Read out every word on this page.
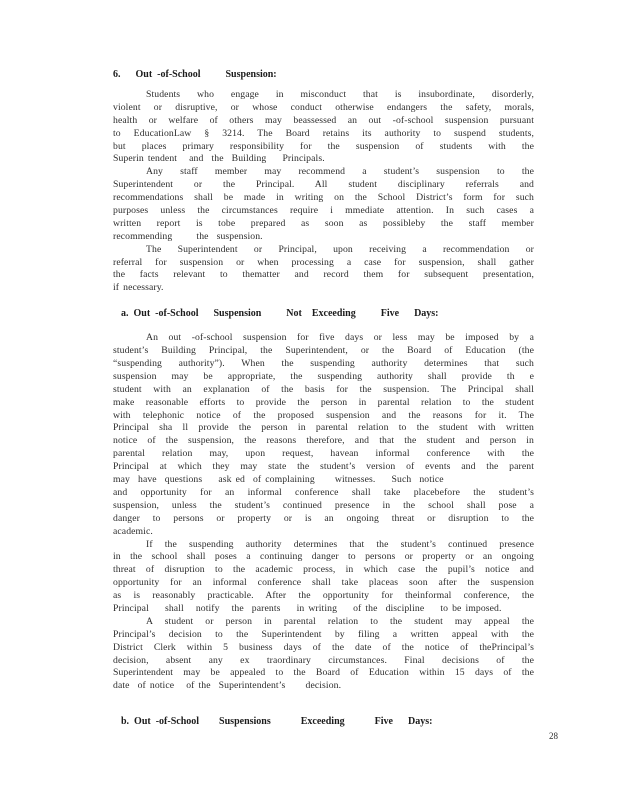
6.   Out -of-School     Suspension:
Students who engage in misconduct that is insubordinate, disorderly,
violent or disruptive, or whose conduct otherwise endangers the safety, morals,
health or welfare of others may beassessed an out -of-school suspension pursuant
to EducationLaw § 3214. The Board retains its authority to suspend students,
but places primary responsibility for the suspension of students with the
Superin tendent   and  the  Building    Principals.
Any staff member may recommend a student’s suspension to the
Superintendent or the Principal. All student disciplinary referrals and
recommendations shall be made in writing on the School District’s form for such
purposes unless the circumstances require i mmediate attention. In such cases a
written report is tobe prepared as soon as possibleby the staff member
recommending      the  suspension.
The Superintendent or Principal, upon receiving a recommendation or
referral for suspension or when processing a case for suspension, shall gather
the facts relevant to thematter and record them for subsequent presentation,
if necessary.
a. Out -of-School   Suspension     Not  Exceeding     Five   Days:
An out -of-school suspension for five days or less may be imposed by a
student’s Building Principal, the Superintendent, or the Board of Education (the
“suspending authority”). When the suspending authority determines that such
suspension may be appropriate, the suspending authority shall provide th e
student with an explanation of the basis for the suspension. The Principal shall
make reasonable efforts to provide the person in parental relation to the student
with telephonic notice of the proposed suspension and the reasons for it. The
Principal sha ll provide the person in parental relation to the student with written
notice of the suspension, the reasons therefore, and that the student and person in
parental relation may, upon request, havean informal conference with the
Principal at which they may state the student’s version of events and the parent
may  have  questions    ask ed  of complaining     witnesses.    Such  notice
and opportunity for an informal conference shall take placebefore the student’s
suspension, unless the student’s continued presence in the school shall pose a
danger to persons or property or is an ongoing threat or disruption to the
academic.
If the suspending authority determines that the student’s continued presence
in the school shall poses a continuing danger to persons or property or an ongoing
threat of disruption to the academic process, in which case the pupil’s notice and
opportunity for an informal conference shall take placeas soon after the suspension
as is reasonably practicable. After the opportunity for theinformal conference, the
Principal    shall   notify   the  parents    in writing    of the  discipline    to be imposed.
A student or person in parental relation to the student may appeal the
Principal’s decision to the Superintendent by filing a written appeal with the
District Clerk within 5 business days of the date of the notice of thePrincipal’s
decision, absent any ex traordinary circumstances. Final decisions of the
Superintendent may be appealed to the Board of Education within 15 days of the
date  of notice   of the  Superintendent’s     decision.
b. Out -of-School    Suspensions      Exceeding      Five   Days:
28
